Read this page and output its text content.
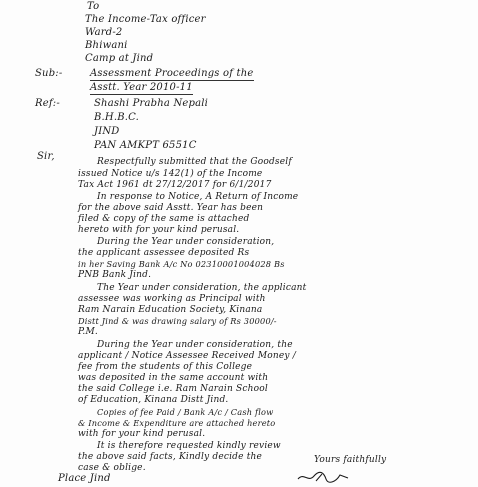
To
The Income-Tax officer
Ward-2
Bhiwani
Camp at Jind
Sub:-	Assessment Proceedings of the
Asstt. Year 2010-11
Ref:-	Shashi Prabha Nepali
B.H.B.C.
JIND
PAN AMKPT 6551C
Sir,	Respectfully submitted that the Goodself
issued Notice u/s 142(1) of the Income
Tax Act 1961 dt 27/12/2017 for 6/1/2017
In response to Notice, A Return of Income
for the above said Asstt. Year has been
filed & copy of the same is attached
hereto with for your kind perusal.
During the Year under consideration,
the applicant assessee deposited Rs
in her Saving Bank A/c No 02310001004028 Bs
PNB Bank Jind.
The Year under consideration, the applicant
assessee was working as Principal with
Ram Narain Education Society, Kinana
Distt Jind & was drawing salary of Rs 30000/-
P.M.
During the Year under consideration, the
applicant / Notice Assessee Received Money /
fee from the students of this College
was deposited in the same account with
the said College i.e. Ram Narain School
of Education, Kinana Distt Jind.
Copies of fee Paid / Bank A/c / Cash flow
& Income & Expenditure are attached hereto
with for your kind perusal.
It is therefore requested kindly review
the above said facts, Kindly decide the
case & oblige.
Place Jind
Yours faithfully
